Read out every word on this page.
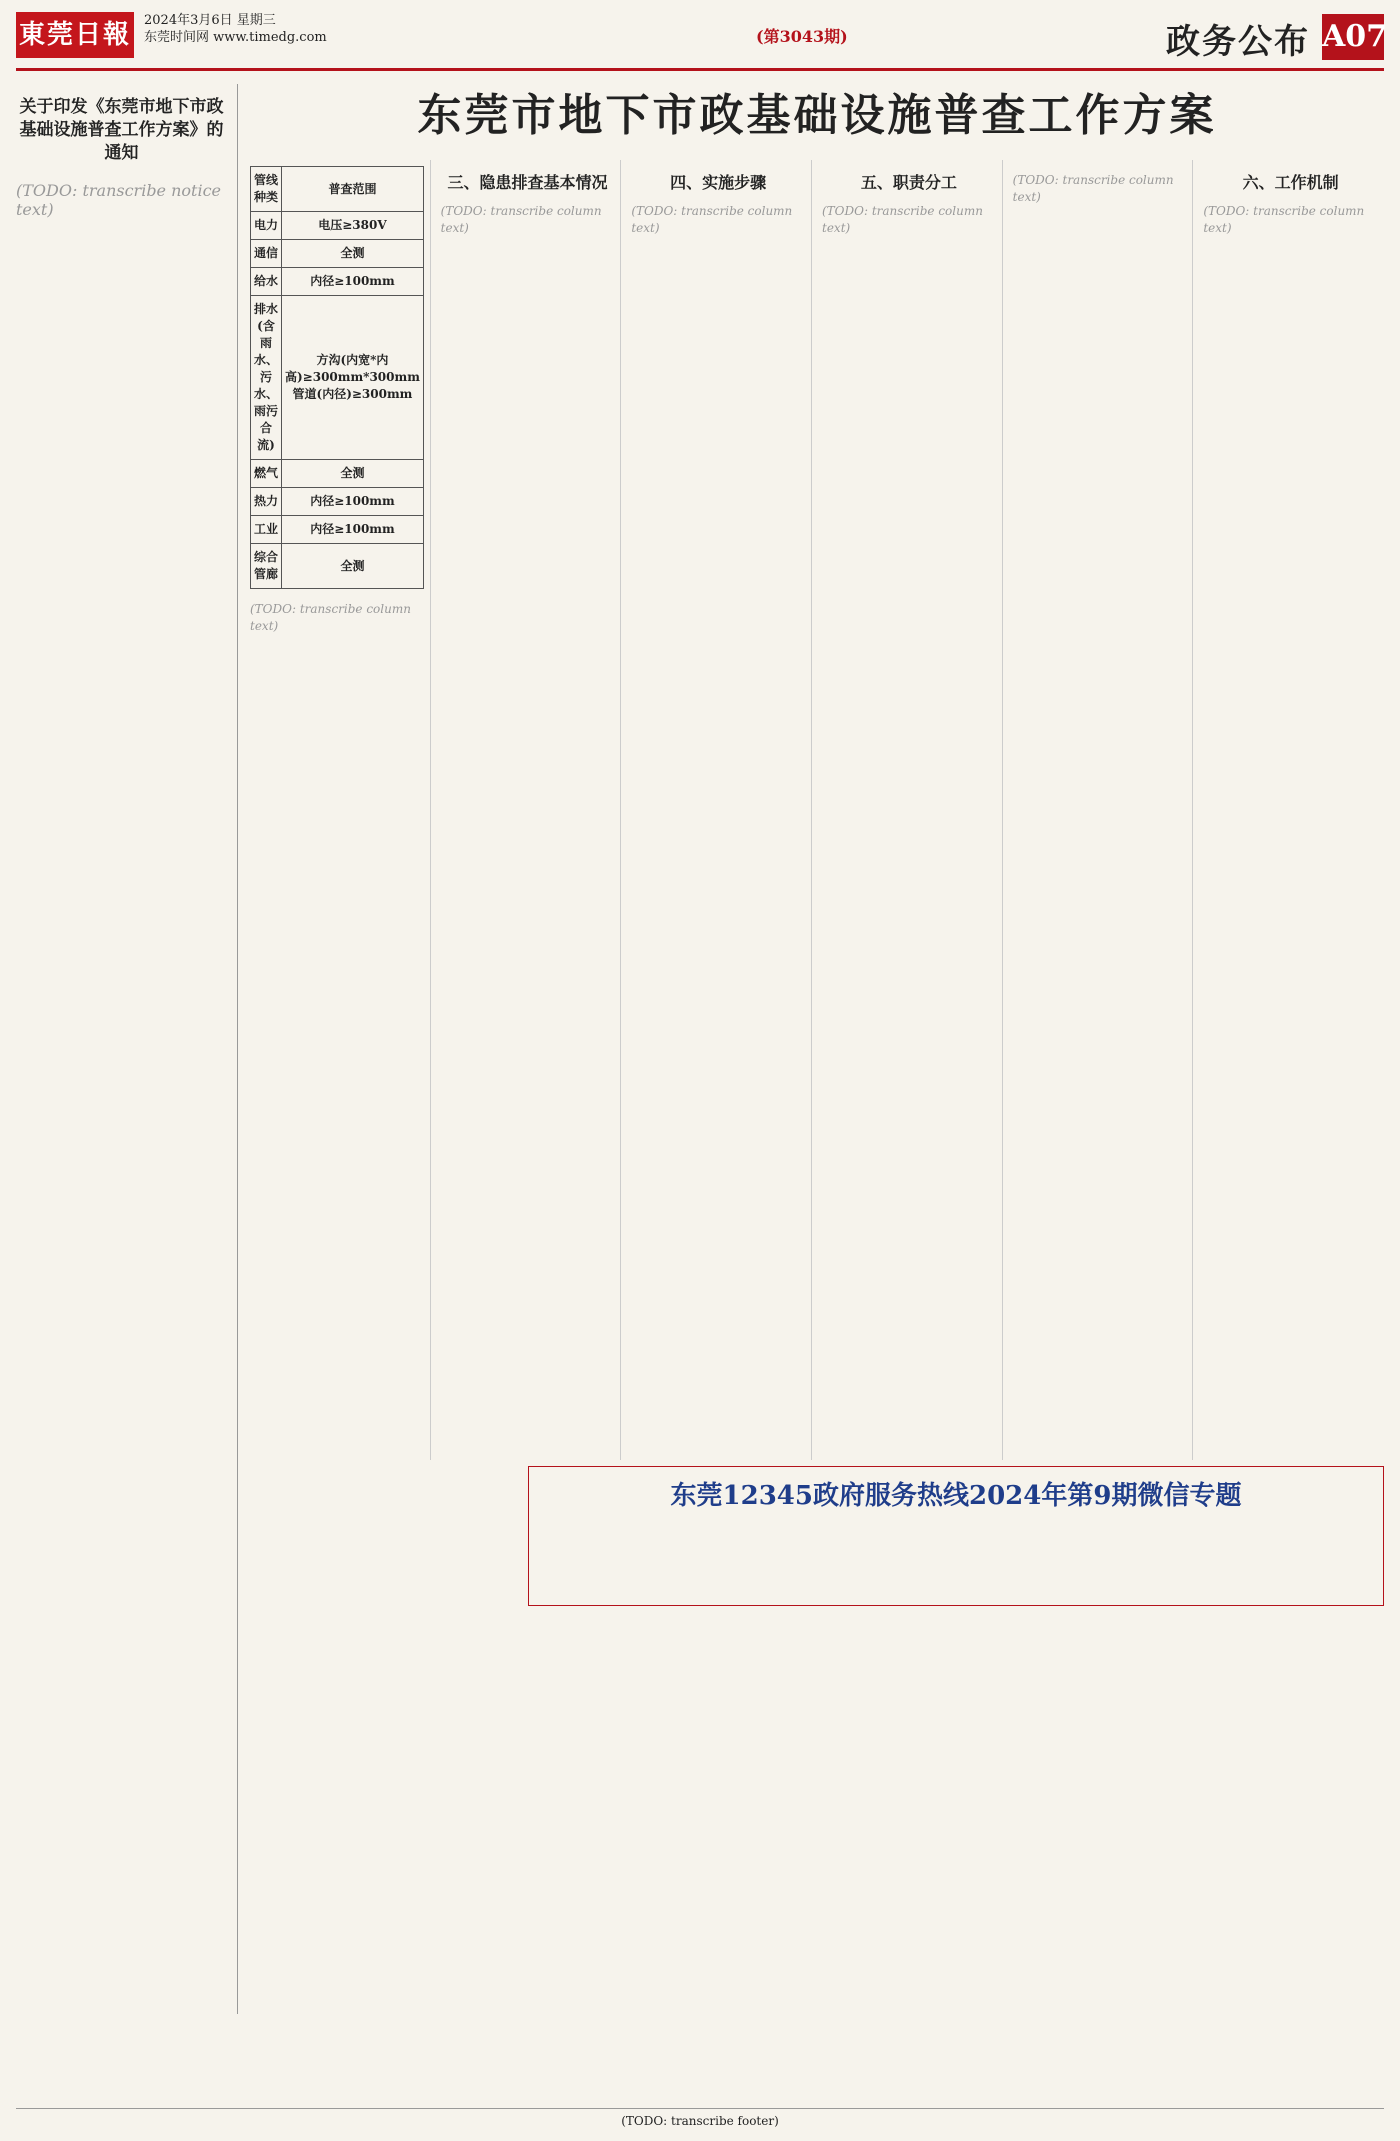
東莞日報 2024年3月6日 星期三
东莞时间网 www.timedg.com	(第3043期)	政务公布 A07
关于印发《东莞市地下市政基础设施普查工作方案》的通知

(TODO: transcribe notice text)

东莞市地下市政基础设施普查工作方案
管线种类	普查范围
电力	电压≥380V
通信	全测
给水	内径≥100mm
排水(含雨水、污水、雨污合流)	方沟(内宽*内高)≥300mm*300mm 管道(内径)≥300mm
燃气	全测
热力	内径≥100mm
工业	内径≥100mm
综合管廊	全测

(TODO: transcribe column text)

三、隐患排查基本情况

(TODO: transcribe column text)

四、实施步骤

(TODO: transcribe column text)

五、职责分工

(TODO: transcribe column text)

(TODO: transcribe column text)

六、工作机制

(TODO: transcribe column text)

东莞12345政府服务热线2024年第9期微信专题
(TODO: transcribe footer)
